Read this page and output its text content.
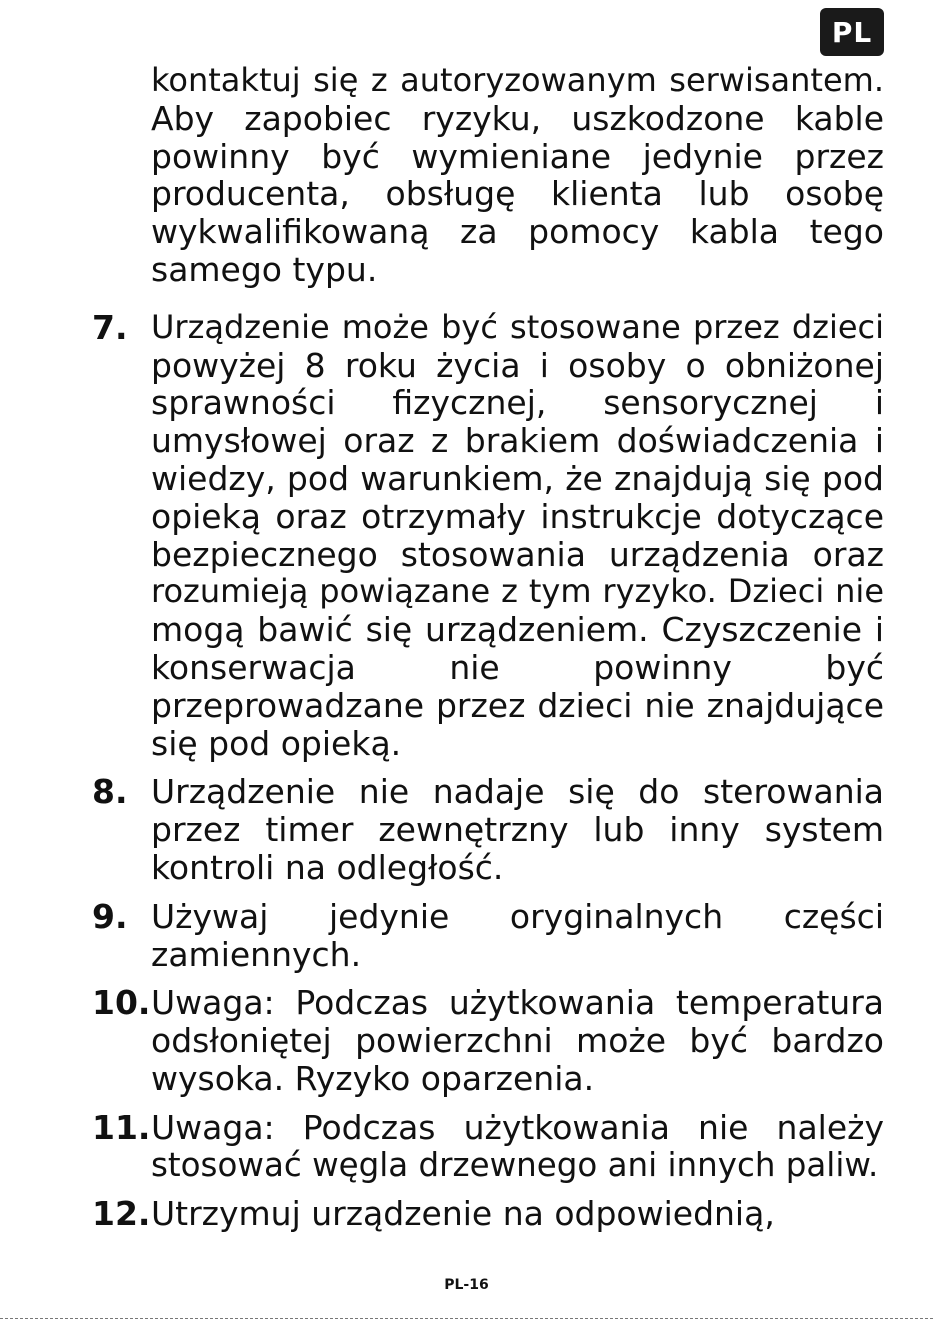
PL
kontaktuj się z autoryzowanym serwisantem.
Aby zapobiec ryzyku, uszkodzone kable
powinny być wymieniane jedynie przez
producenta, obsługę klienta lub osobę
wykwalifikowaną za pomocy kabla tego
samego typu.
7. Urządzenie może być stosowane przez dzieci
powyżej 8 roku życia i osoby o obniżonej
sprawności fizycznej, sensorycznej i
umysłowej oraz z brakiem doświadczenia i
wiedzy, pod warunkiem, że znajdują się pod
opieką oraz otrzymały instrukcje dotyczące
bezpiecznego stosowania urządzenia oraz
rozumieją powiązane z tym ryzyko. Dzieci nie
mogą bawić się urządzeniem. Czyszczenie i
konserwacja nie powinny być
przeprowadzane przez dzieci nie znajdujące
się pod opieką.
8. Urządzenie nie nadaje się do sterowania
przez timer zewnętrzny lub inny system
kontroli na odległość.
9. Używaj jedynie oryginalnych części
zamiennych.
10. Uwaga: Podczas użytkowania temperatura
odsłoniętej powierzchni może być bardzo
wysoka. Ryzyko oparzenia.
11. Uwaga: Podczas użytkowania nie należy
stosować węgla drzewnego ani innych paliw.
12. Utrzymuj urządzenie na odpowiednią,
PL-16
